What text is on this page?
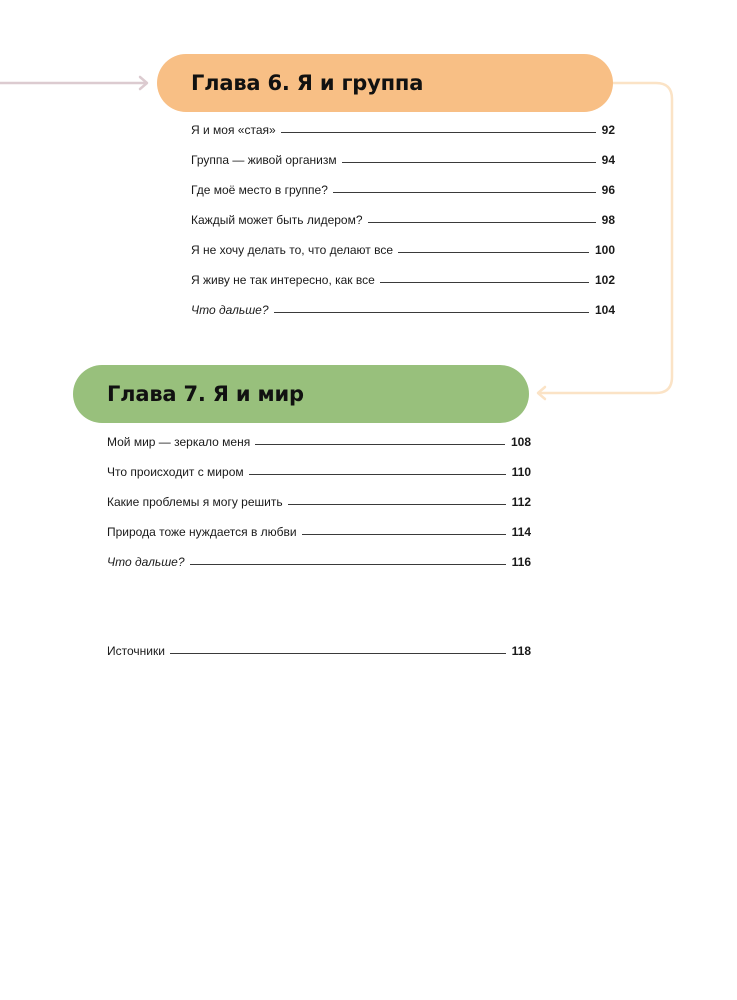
Глава 6. Я и группа
Я и моя «стая»	92
Группа — живой организм	94
Где моё место в группе?	96
Каждый может быть лидером?	98
Я не хочу делать то, что делают все	100
Я живу не так интересно, как все	102
Что дальше?	104
Глава 7. Я и мир
Мой мир — зеркало меня	108
Что происходит с миром	110
Какие проблемы я могу решить	112
Природа тоже нуждается в любви	114
Что дальше?	116
Источники	118
